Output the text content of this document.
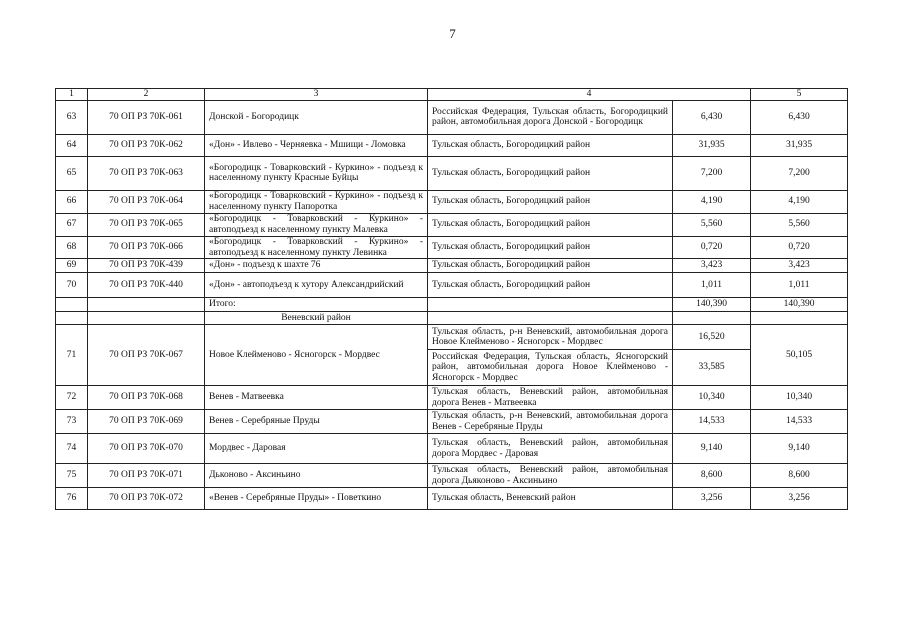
7
1	2	3	4		5
63	70 ОП РЗ 70К-061	Донской - Богородицк	Российская Федерация, Тульская область, Богородицкий район, автомобильная дорога Донской - Богородицк	6,430	6,430
64	70 ОП РЗ 70К-062	«Дон» - Ивлево - Черняевка - Мшищи - Ломовка	Тульская область, Богородицкий район	31,935	31,935
65	70 ОП РЗ 70К-063	«Богородицк - Товарковский - Куркино» - подъезд к населенному пункту Красные Буйцы	Тульская область, Богородицкий район	7,200	7,200
66	70 ОП РЗ 70К-064	«Богородицк - Товарковский - Куркино» - подъезд к населенному пункту Папоротка	Тульская область, Богородицкий район	4,190	4,190
67	70 ОП РЗ 70К-065	«Богородицк - Товарковский - Куркино» - автоподъезд к населенному пункту Малевка	Тульская область, Богородицкий район	5,560	5,560
68	70 ОП РЗ 70К-066	«Богородицк - Товарковский - Куркино» - автоподъезд к населенному пункту Левинка	Тульская область, Богородицкий район	0,720	0,720
69	70 ОП РЗ 70К-439	«Дон» - подъезд к шахте 76	Тульская область, Богородицкий район	3,423	3,423
70	70 ОП РЗ 70К-440	«Дон» - автоподъезд к хутору Александрийский	Тульская область, Богородицкий район	1,011	1,011
		Итого:		140,390	140,390
		Веневский район			
71	70 ОП РЗ 70К-067	Новое Клейменово - Ясногорск - Мордвес	Тульская область, р-н Веневский, автомобильная дорога Новое Клейменово - Ясногорск - Мордвес	16,520	50,105
			Российская Федерация, Тульская область, Ясногорский район, автомобильная дорога Новое Клейменово - Ясногорск - Мордвес	33,585	
72	70 ОП РЗ 70К-068	Венев - Матвеевка	Тульская область, Веневский район, автомобильная дорога Венев - Матвеевка	10,340	10,340
73	70 ОП РЗ 70К-069	Венев - Серебряные Пруды	Тульская область, р-н Веневский, автомобильная дорога Венев - Серебряные Пруды	14,533	14,533
74	70 ОП РЗ 70К-070	Мордвес - Даровая	Тульская область, Веневский район, автомобильная дорога Мордвес - Даровая	9,140	9,140
75	70 ОП РЗ 70К-071	Дьконово - Аксиньино	Тульская область, Веневский район, автомобильная дорога Дьяконово - Аксиньино	8,600	8,600
76	70 ОП РЗ 70К-072	«Венев - Серебряные Пруды» - Поветкино	Тульская область, Веневский район	3,256	3,256
